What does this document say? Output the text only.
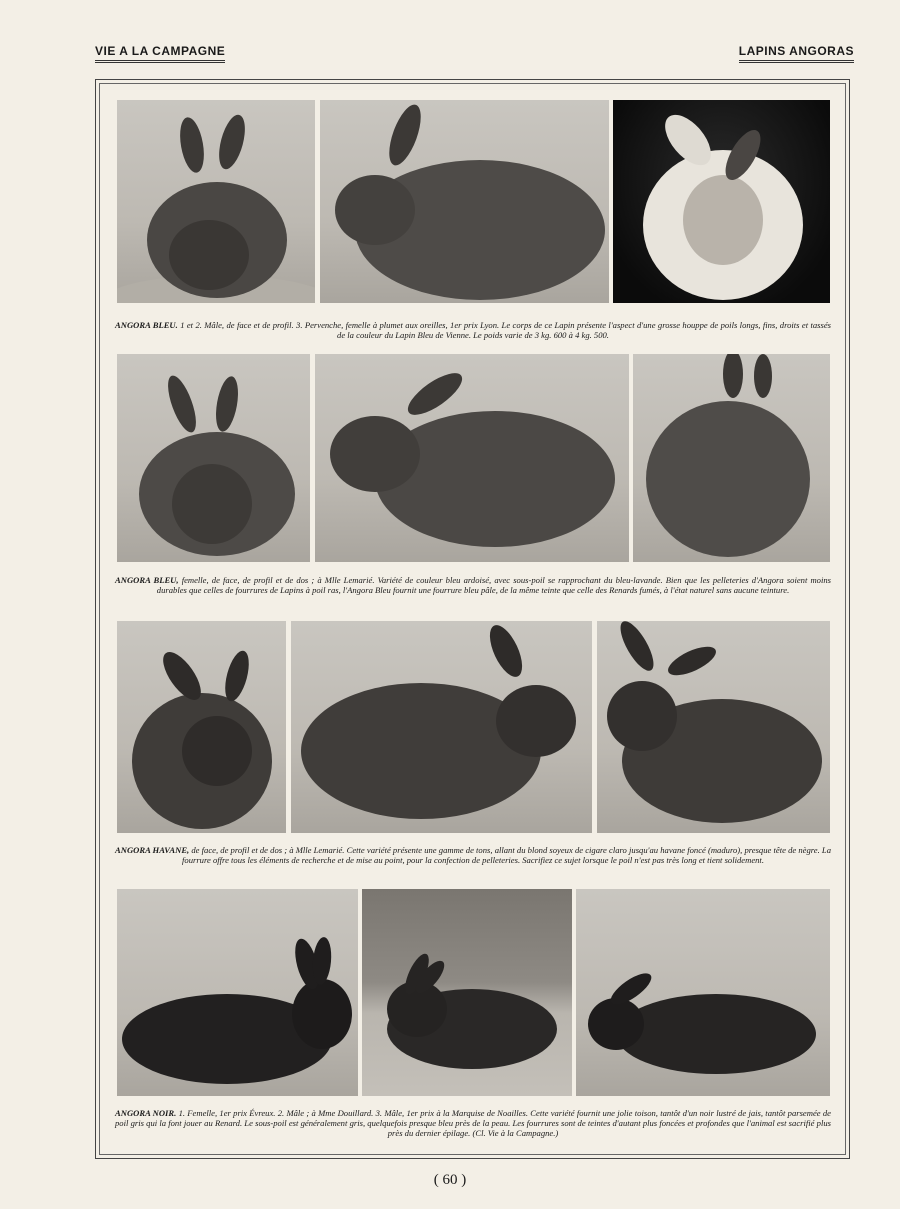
VIE A LA CAMPAGNE	LAPINS ANGORAS
ANGORA BLEU. 1 et 2. Mâle, de face et de profil. 3. Pervenche, femelle à plumet aux oreilles, 1er prix Lyon. Le corps de ce Lapin présente l'aspect d'une grosse houppe de poils longs, fins, droits et tassés de la couleur du Lapin Bleu de Vienne. Le poids varie de 3 kg. 600 à 4 kg. 500.
ANGORA BLEU, femelle, de face, de profil et de dos ; à Mlle Lemarié. Variété de couleur bleu ardoisé, avec sous-poil se rapprochant du bleu-lavande. Bien que les pelleteries d'Angora soient moins durables que celles de fourrures de Lapins à poil ras, l'Angora Bleu fournit une fourrure bleu pâle, de la même teinte que celle des Renards fumés, à l'état naturel sans aucune teinture.
ANGORA HAVANE, de face, de profil et de dos ; à Mlle Lemarié. Cette variété présente une gamme de tons, allant du blond soyeux de cigare claro jusqu'au havane foncé (maduro), presque tête de nègre. La fourrure offre tous les éléments de recherche et de mise au point, pour la confection de pelleteries. Sacrifiez ce sujet lorsque le poil n'est pas très long et tient solidement.
ANGORA NOIR. 1. Femelle, 1er prix Évreux. 2. Mâle ; à Mme Douillard. 3. Mâle, 1er prix à la Marquise de Noailles. Cette variété fournit une jolie toison, tantôt d'un noir lustré de jais, tantôt parsemée de poil gris qui la font jouer au Renard. Le sous-poil est généralement gris, quelquefois presque bleu près de la peau. Les fourrures sont de teintes d'autant plus foncées et profondes que l'animal est sacrifié plus près du dernier épilage. (Cl. Vie à la Campagne.)
( 60 )
